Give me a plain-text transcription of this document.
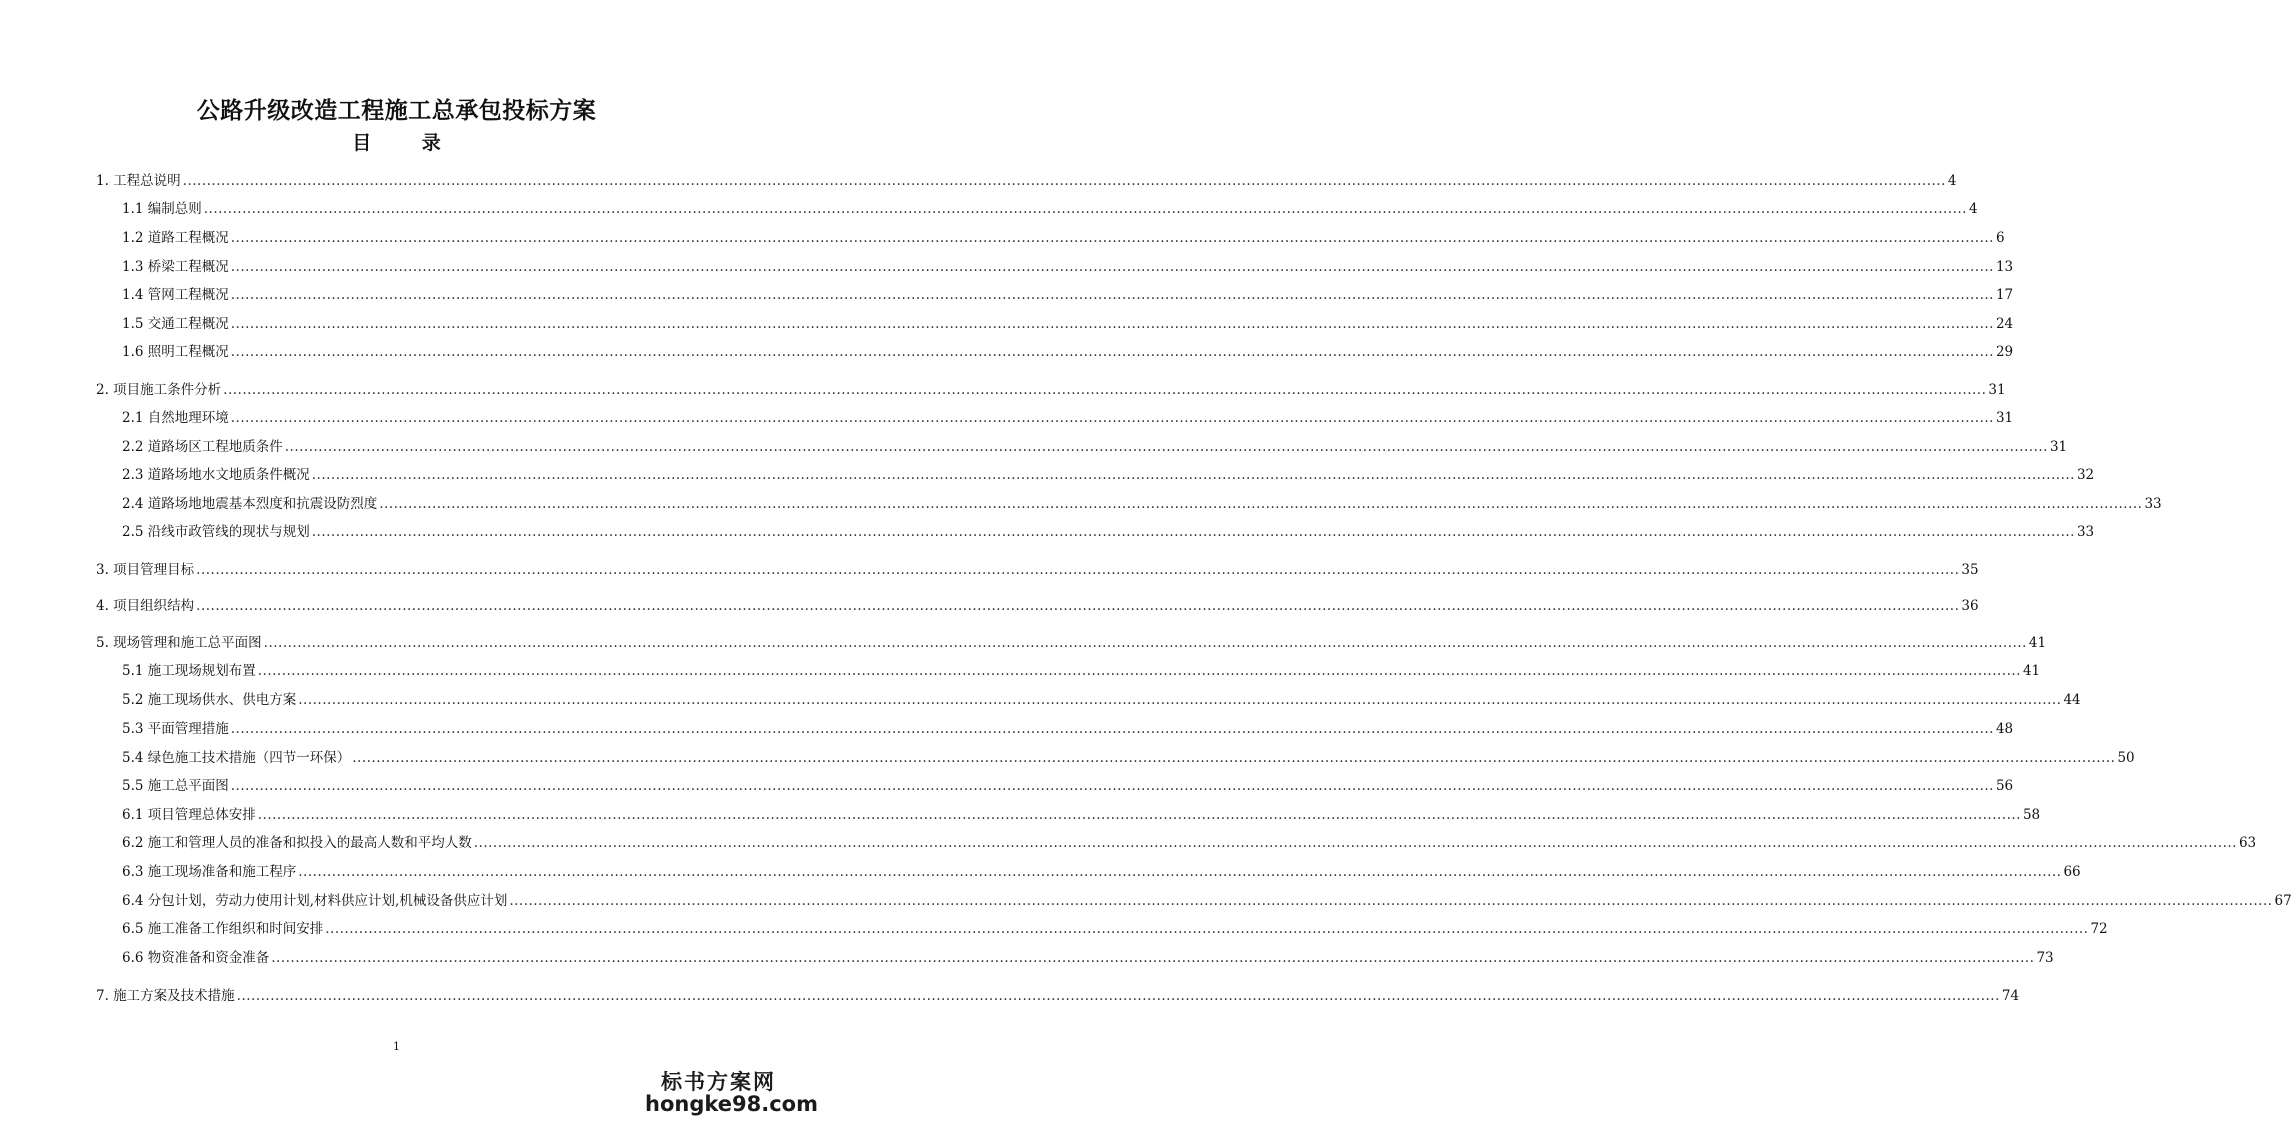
公路升级改造工程施工总承包投标方案
目 录
1. 工程总说明 .....	4
1.1 编制总则 .....	4
1.2 道路工程概况 .....	6
1.3 桥梁工程概况 .....	13
1.4 管网工程概况 .....	17
1.5 交通工程概况 .....	24
1.6 照明工程概况 .....	29
2. 项目施工条件分析 .....	31
2.1 自然地理环境 .....	31
2.2 道路场区工程地质条件 .....	31
2.3 道路场地水文地质条件概况 .....	32
2.4 道路场地地震基本烈度和抗震设防烈度 .....	33
2.5 沿线市政管线的现状与规划 .....	33
3. 项目管理目标 .....	35
4. 项目组织结构 .....	36
5. 现场管理和施工总平面图 .....	41
5.1 施工现场规划布置 .....	41
5.2 施工现场供水、供电方案 .....	44
5.3 平面管理措施 .....	48
5.4 绿色施工技术措施（四节一环保） .....	50
5.5 施工总平面图 .....	56
6.1 项目管理总体安排 .....	58
6.2 施工和管理人员的准备和拟投入的最高人数和平均人数 .....	63
6.3 施工现场准备和施工程序 .....	66
6.4 分包计划，劳动力使用计划,材料供应计划,机械设备供应计划 .....	67
6.5 施工准备工作组织和时间安排 .....	72
6.6 物资准备和资金准备 .....	73
7. 施工方案及技术措施 .....	74
1
标书方案网
hongke98.com
